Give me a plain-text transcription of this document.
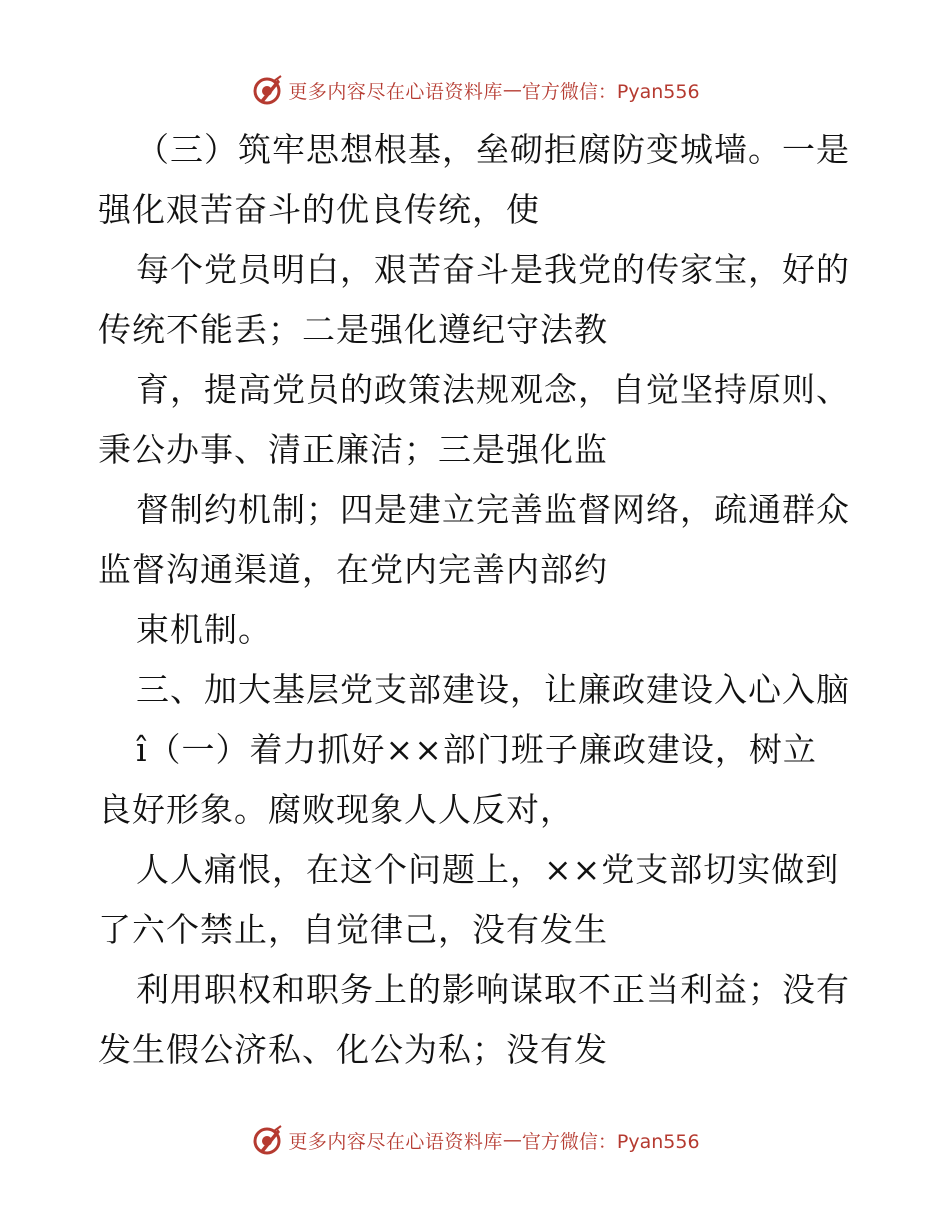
更多内容尽在心语资料库 — 官方微信：Pyan556
（三）筑牢思想根基，垒砌拒腐防变城墙。一是
强化艰苦奋斗的优良传统，使
每个党员明白，艰苦奋斗是我党的传家宝，好的
传统不能丢；二是强化遵纪守法教
育，提高党员的政策法规观念，自觉坚持原则、
秉公办事、清正廉洁；三是强化监
督制约机制；四是建立完善监督网络，疏通群众
监督沟通渠道，在党内完善内部约
束机制。
三、加大基层党支部建设，让廉政建设入心入脑
î（一）着力抓好××部门班子廉政建设，树立
良好形象。腐败现象人人反对，
人人痛恨，在这个问题上，××党支部切实做到
了六个禁止，自觉律己，没有发生
利用职权和职务上的影响谋取不正当利益；没有
发生假公济私、化公为私；没有发
更多内容尽在心语资料库 — 官方微信：Pyan556
